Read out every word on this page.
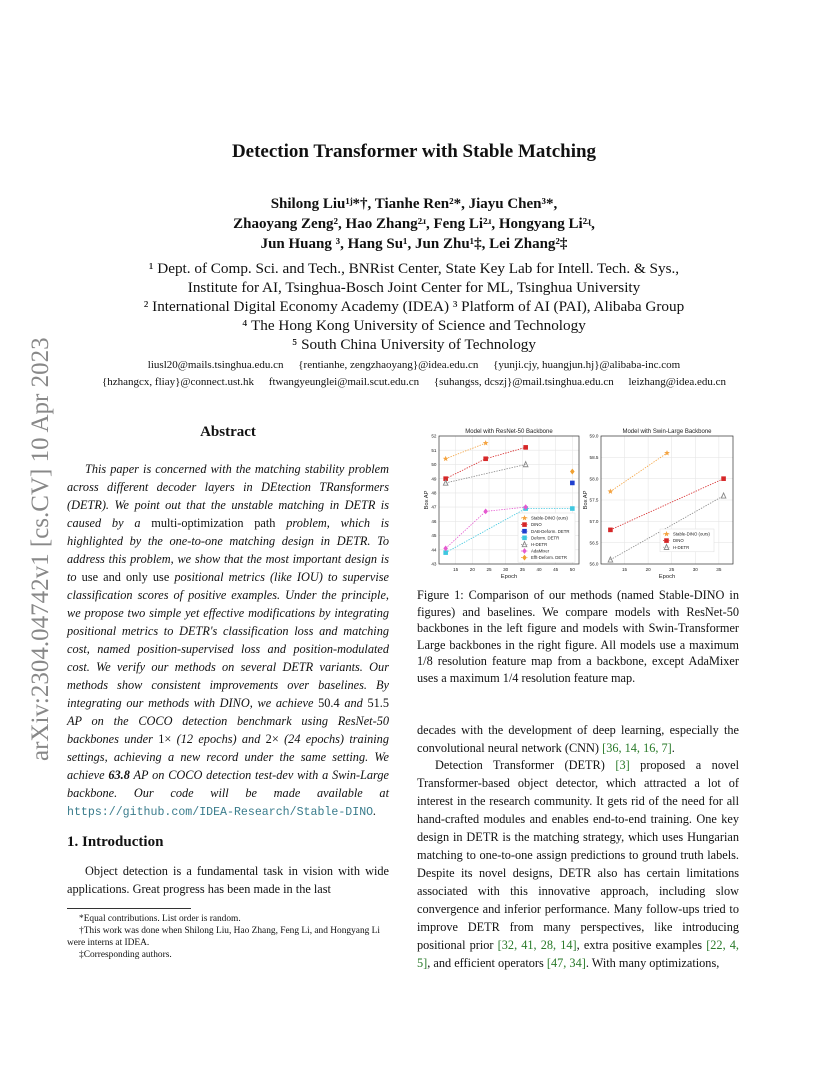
arXiv:2304.04742v1 [cs.CV] 10 Apr 2023
Detection Transformer with Stable Matching
Shilong Liu¹ʲ*†, Tianhe Ren²*, Jiayu Chen³*,
Zhaoyang Zeng², Hao Zhang²ʴ, Feng Li²ʴ, Hongyang Li²ʵ,
Jun Huang ³, Hang Su¹, Jun Zhu¹‡, Lei Zhang²‡
¹ Dept. of Comp. Sci. and Tech., BNRist Center, State Key Lab for Intell. Tech. & Sys.,
Institute for AI, Tsinghua-Bosch Joint Center for ML, Tsinghua University
² International Digital Economy Academy (IDEA) ³ Platform of AI (PAI), Alibaba Group
⁴ The Hong Kong University of Science and Technology
⁵ South China University of Technology
liusl20@mails.tsinghua.edu.cn {rentianhe, zengzhaoyang}@idea.edu.cn {yunji.cjy, huangjun.hj}@alibaba-inc.com
{hzhangcx, fliay}@connect.ust.hk ftwangyeunglei@mail.scut.edu.cn {suhangss, dcszj}@mail.tsinghua.edu.cn leizhang@idea.edu.cn
Abstract
This paper is concerned with the matching stability problem across different decoder layers in DEtection TRansformers (DETR). We point out that the unstable matching in DETR is caused by a multi-optimization path problem, which is highlighted by the one-to-one matching design in DETR. To address this problem, we show that the most important design is to use and only use positional metrics (like IOU) to supervise classification scores of positive examples. Under the principle, we propose two simple yet effective modifications by integrating positional metrics to DETR's classification loss and matching cost, named position-supervised loss and position-modulated cost. We verify our methods on several DETR variants. Our methods show consistent improvements over baselines. By integrating our methods with DINO, we achieve 50.4 and 51.5 AP on the COCO detection benchmark using ResNet-50 backbones under 1× (12 epochs) and 2× (24 epochs) training settings, achieving a new record under the same setting. We achieve 63.8 AP on COCO detection test-dev with a Swin-Large backbone. Our code will be made available at https://github.com/IDEA-Research/Stable-DINO.
1. Introduction
Object detection is a fundamental task in vision with wide applications. Great progress has been made in the last

*Equal contributions. List order is random.

†This work was done when Shilong Liu, Hao Zhang, Feng Li, and Hongyang Li were interns at IDEA.

‡Corresponding authors.

15	20	25	30	35	40	45	50
43
44
45
46
47
48
49
50
51
52
Model with ResNet-50 Backbone
Epoch
Box AP
Stable-DINO (ours)
DINO
DAB-Deform. DETR
Deform. DETR
H-DETR
AdaMixer
Efft-Deform. DETR
15	20	25	30	35
56.0
56.5
57.0
57.5
58.0
58.5
59.0
Model with Swin-Large Backbone
Epoch
Box AP
Stable-DINO (ours)
DINO
H-DETR
Figure 1: Comparison of our methods (named Stable-DINO in figures) and baselines. We compare models with ResNet-50 backbones in the left figure and models with Swin-Transformer Large backbones in the right figure. All models use a maximum 1/8 resolution feature map from a backbone, except AdaMixer uses a maximum 1/4 resolution feature map.
decades with the development of deep learning, especially the convolutional neural network (CNN) [36, 14, 16, 7].
Detection Transformer (DETR) [3] proposed a novel Transformer-based object detector, which attracted a lot of interest in the research community. It gets rid of the need for all hand-crafted modules and enables end-to-end training. One key design in DETR is the matching strategy, which uses Hungarian matching to one-to-one assign predictions to ground truth labels. Despite its novel designs, DETR also has certain limitations associated with this innovative approach, including slow convergence and inferior performance. Many follow-ups tried to improve DETR from many perspectives, like introducing positional prior [32, 41, 28, 14], extra positive examples [22, 4, 5], and efficient operators [47, 34]. With many optimizations,
